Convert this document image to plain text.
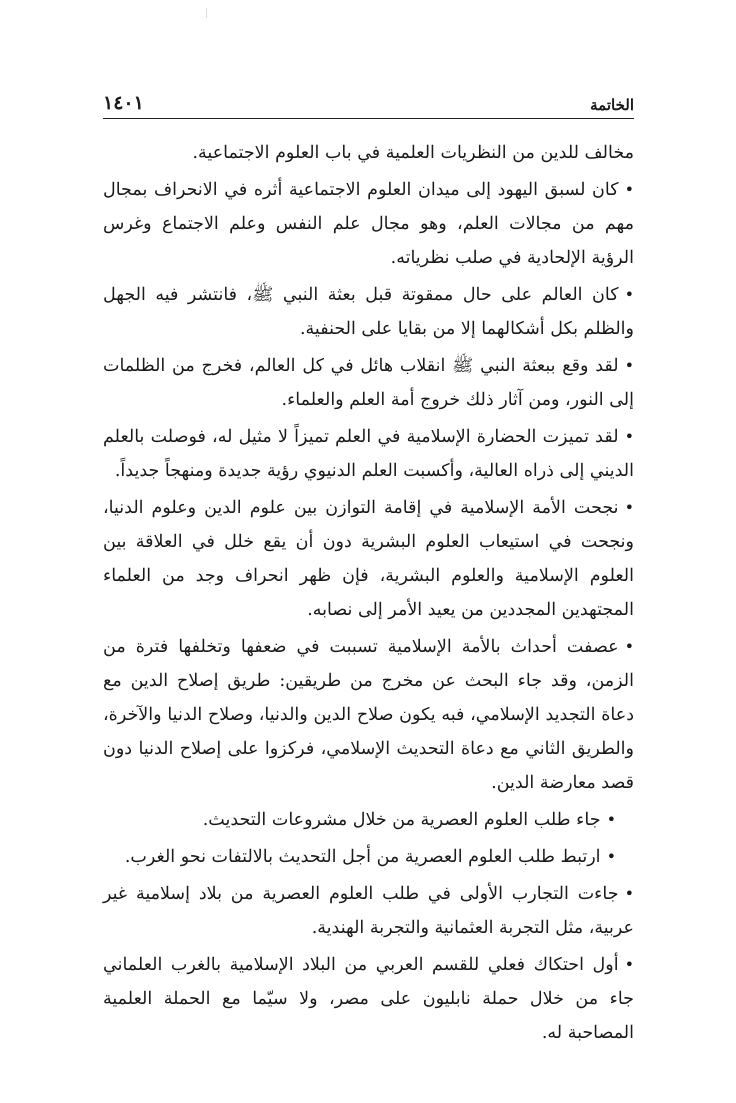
الخاتمة
١٤٠١

مخالف للدين من النظريات العلمية في باب العلوم الاجتماعية.

• كان لسبق اليهود إلى ميدان العلوم الاجتماعية أثره في الانحراف بمجال مهم من مجالات العلم، وهو مجال علم النفس وعلم الاجتماع وغرس الرؤية الإلحادية في صلب نظرياته.

• كان العالم على حال ممقوتة قبل بعثة النبي ﷺ، فانتشر فيه الجهل والظلم بكل أشكالهما إلا من بقايا على الحنفية.

• لقد وقع ببعثة النبي ﷺ انقلاب هائل في كل العالم، فخرج من الظلمات إلى النور، ومن آثار ذلك خروج أمة العلم والعلماء.

• لقد تميزت الحضارة الإسلامية في العلم تميزاً لا مثيل له، فوصلت بالعلم الديني إلى ذراه العالية، وأكسبت العلم الدنيوي رؤية جديدة ومنهجاً جديداً.

• نجحت الأمة الإسلامية في إقامة التوازن بين علوم الدين وعلوم الدنيا، ونجحت في استيعاب العلوم البشرية دون أن يقع خلل في العلاقة بين العلوم الإسلامية والعلوم البشرية، فإن ظهر انحراف وجد من العلماء المجتهدين المجددين من يعيد الأمر إلى نصابه.

• عصفت أحداث بالأمة الإسلامية تسببت في ضعفها وتخلفها فترة من الزمن، وقد جاء البحث عن مخرج من طريقين: طريق إصلاح الدين مع دعاة التجديد الإسلامي، فبه يكون صلاح الدين والدنيا، وصلاح الدنيا والآخرة، والطريق الثاني مع دعاة التحديث الإسلامي، فركزوا على إصلاح الدنيا دون قصد معارضة الدين.

• جاء طلب العلوم العصرية من خلال مشروعات التحديث.

• ارتبط طلب العلوم العصرية من أجل التحديث بالالتفات نحو الغرب.

• جاءت التجارب الأولى في طلب العلوم العصرية من بلاد إسلامية غير عربية، مثل التجربة العثمانية والتجربة الهندية.

• أول احتكاك فعلي للقسم العربي من البلاد الإسلامية بالغرب العلماني جاء من خلال حملة نابليون على مصر، ولا سيّما مع الحملة العلمية المصاحبة له.
